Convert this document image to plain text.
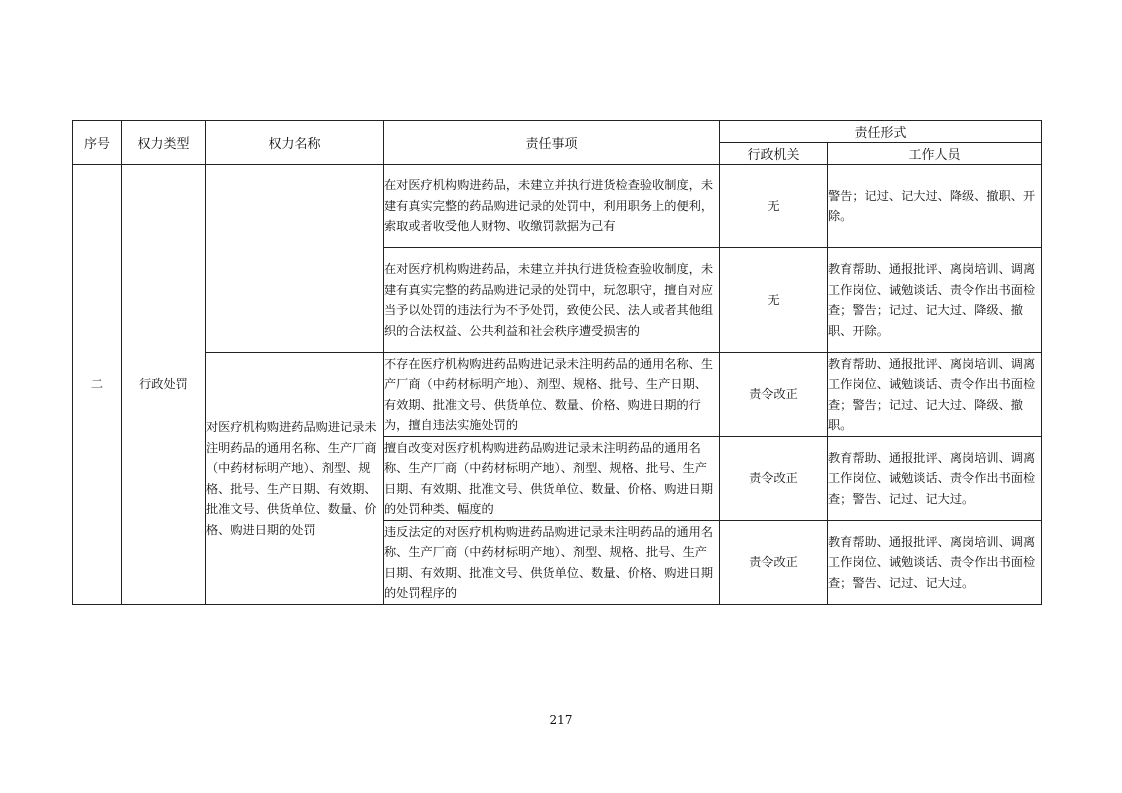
序号	权力类型	权力名称	责任事项	责任形式	
				行政机关	工作人员
二	行政处罚		在对医疗机构购进药品，未建立并执行进货检查验收制度，未建有真实完整的药品购进记录的处罚中，利用职务上的便利，索取或者收受他人财物、收缴罚款据为己有	无	警告；记过、记大过、降级、撤职、开除。
			在对医疗机构购进药品，未建立并执行进货检查验收制度，未建有真实完整的药品购进记录的处罚中，玩忽职守，擅自对应当予以处罚的违法行为不予处罚，致使公民、法人或者其他组织的合法权益、公共利益和社会秩序遭受损害的	无	教育帮助、通报批评、离岗培训、调离工作岗位、诫勉谈话、责令作出书面检查；警告；记过、记大过、降级、撤职、开除。
		对医疗机构购进药品购进记录未注明药品的通用名称、生产厂商（中药材标明产地）、剂型、规格、批号、生产日期、有效期、批准文号、供货单位、数量、价格、购进日期的处罚	不存在医疗机构购进药品购进记录未注明药品的通用名称、生产厂商（中药材标明产地）、剂型、规格、批号、生产日期、有效期、批准文号、供货单位、数量、价格、购进日期的行为，擅自违法实施处罚的	责令改正	教育帮助、通报批评、离岗培训、调离工作岗位、诫勉谈话、责令作出书面检查；警告；记过、记大过、降级、撤职。
			擅自改变对医疗机构购进药品购进记录未注明药品的通用名称、生产厂商（中药材标明产地）、剂型、规格、批号、生产日期、有效期、批准文号、供货单位、数量、价格、购进日期的处罚种类、幅度的	责令改正	教育帮助、通报批评、离岗培训、调离工作岗位、诫勉谈话、责令作出书面检查；警告、记过、记大过。
			违反法定的对医疗机构购进药品购进记录未注明药品的通用名称、生产厂商（中药材标明产地）、剂型、规格、批号、生产日期、有效期、批准文号、供货单位、数量、价格、购进日期的处罚程序的	责令改正	教育帮助、通报批评、离岗培训、调离工作岗位、诫勉谈话、责令作出书面检查；警告、记过、记大过。
217
